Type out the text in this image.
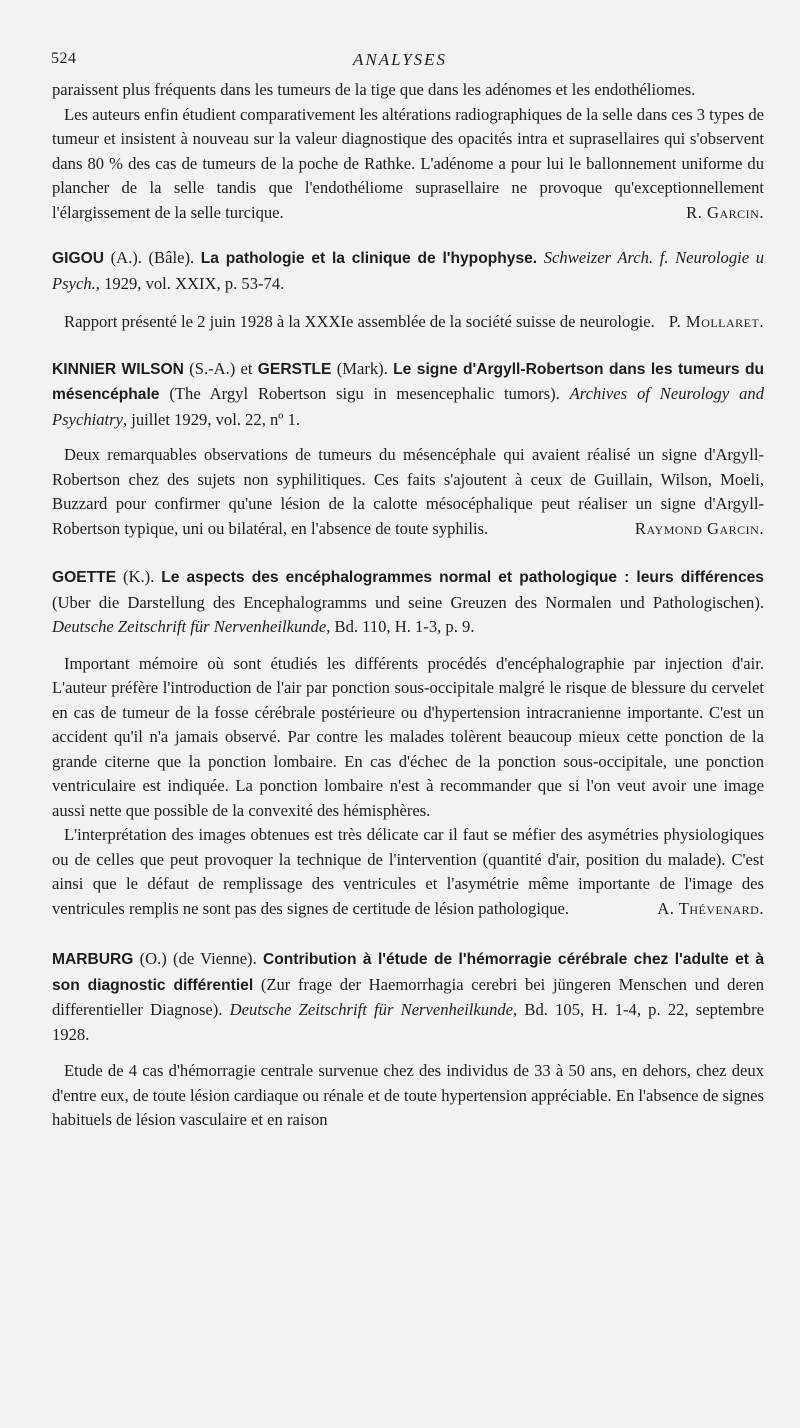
524	ANALYSES

paraissent plus fréquents dans les tumeurs de la tige que dans les adénomes et les endothéliomes.

Les auteurs enfin étudient comparativement les altérations radiographiques de la selle dans ces 3 types de tumeur et insistent à nouveau sur la valeur diagnostique des opacités intra et suprasellaires qui s'observent dans 80 % des cas de tumeurs de la poche de Rathke. L'adénome a pour lui le ballonnement uniforme du plancher de la selle tandis que l'endothéliome suprasellaire ne provoque qu'exceptionnellement l'élargissement de la selle turcique.	R. Garcin.

GIGOU (A.). (Bâle). La pathologie et la clinique de l'hypophyse. Schweizer Arch. f. Neurologie u Psych., 1929, vol. XXIX, p. 53-74.

Rapport présenté le 2 juin 1928 à la XXXIe assemblée de la société suisse de neurologie. P. Mollaret.

KINNIER WILSON (S.-A.) et GERSTLE (Mark). Le signe d'Argyll-Robertson dans les tumeurs du mésencéphale (The Argyl Robertson sigu in mesencephalic tumors). Archives of Neurology and Psychiatry, juillet 1929, vol. 22, nº 1.

Deux remarquables observations de tumeurs du mésencéphale qui avaient réalisé un signe d'Argyll-Robertson chez des sujets non syphilitiques. Ces faits s'ajoutent à ceux de Guillain, Wilson, Moeli, Buzzard pour confirmer qu'une lésion de la calotte mésocéphalique peut réaliser un signe d'Argyll-Robertson typique, uni ou bilatéral, en l'absence de toute syphilis.	Raymond Garcin.

GOETTE (K.). Le aspects des encéphalogrammes normal et pathologique : leurs différences (Uber die Darstellung des Encephalogramms und seine Greuzen des Normalen und Pathologischen). Deutsche Zeitschrift für Nervenheilkunde, Bd. 110, H. 1-3, p. 9.

Important mémoire où sont étudiés les différents procédés d'encéphalographie par injection d'air. L'auteur préfère l'introduction de l'air par ponction sous-occipitale malgré le risque de blessure du cervelet en cas de tumeur de la fosse cérébrale postérieure ou d'hypertension intracranienne importante. C'est un accident qu'il n'a jamais observé. Par contre les malades tolèrent beaucoup mieux cette ponction de la grande citerne que la ponction lombaire. En cas d'échec de la ponction sous-occipitale, une ponction ventriculaire est indiquée. La ponction lombaire n'est à recommander que si l'on veut avoir une image aussi nette que possible de la convexité des hémisphères.

L'interprétation des images obtenues est très délicate car il faut se méfier des asymétries physiologiques ou de celles que peut provoquer la technique de l'intervention (quantité d'air, position du malade). C'est ainsi que le défaut de remplissage des ventricules et l'asymétrie même importante de l'image des ventricules remplis ne sont pas des signes de certitude de lésion pathologique.	A. Thévenard.

MARBURG (O.) (de Vienne). Contribution à l'étude de l'hémorragie cérébrale chez l'adulte et à son diagnostic différentiel (Zur frage der Haemorrhagia cerebri bei jüngeren Menschen und deren differentieller Diagnose). Deutsche Zeitschrift für Nervenheilkunde, Bd. 105, H. 1-4, p. 22, septembre 1928.

Etude de 4 cas d'hémorragie centrale survenue chez des individus de 33 à 50 ans, en dehors, chez deux d'entre eux, de toute lésion cardiaque ou rénale et de toute hypertension appréciable. En l'absence de signes habituels de lésion vasculaire et en raison
